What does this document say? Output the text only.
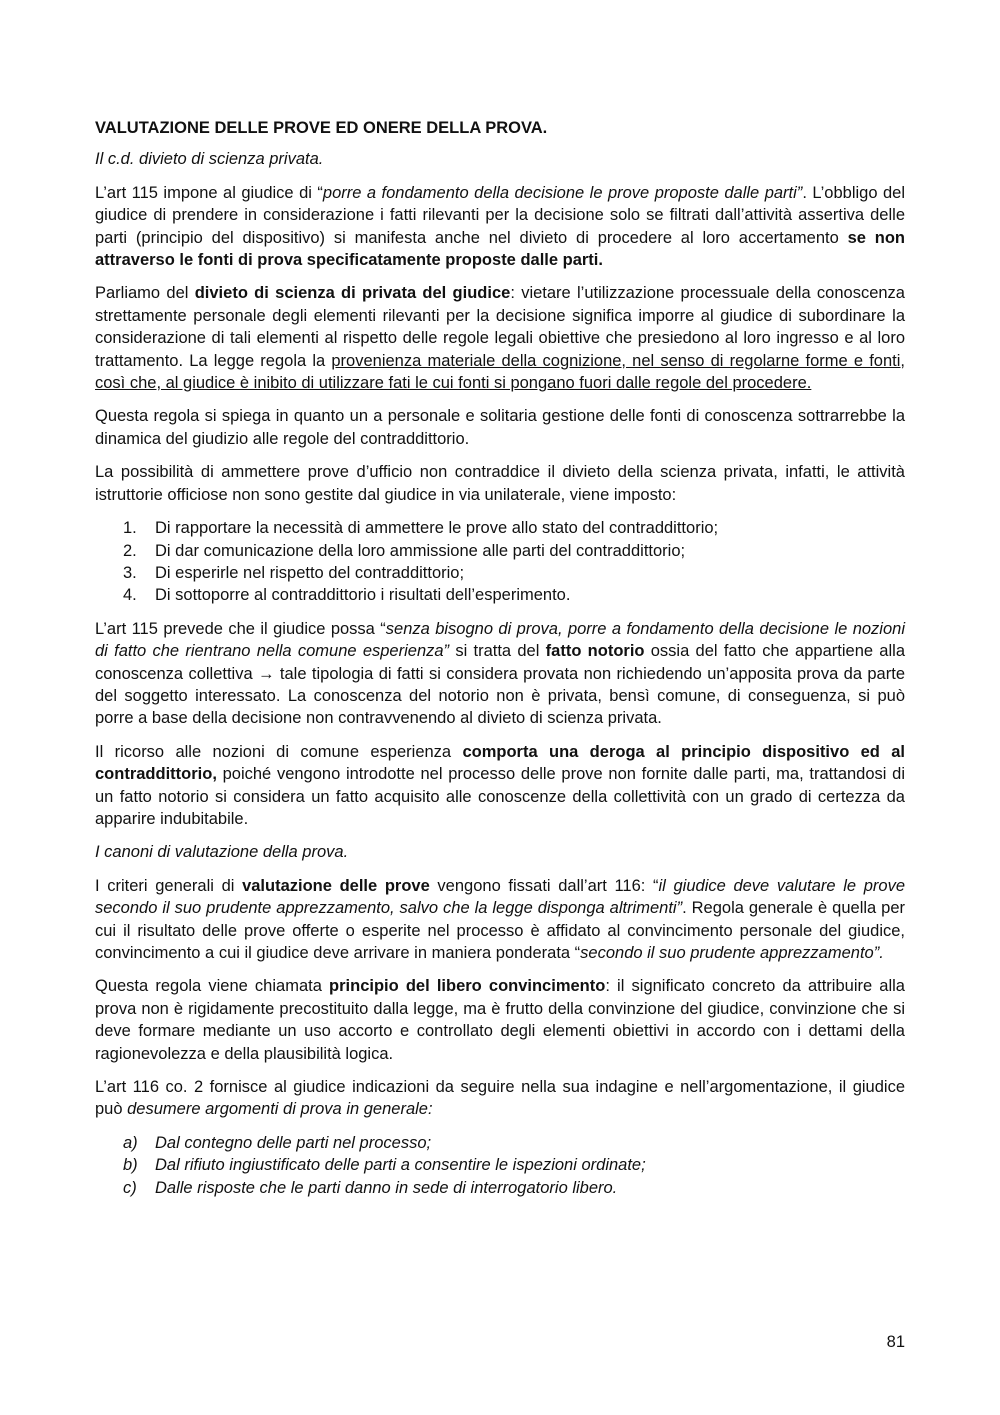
VALUTAZIONE DELLE PROVE ED ONERE DELLA PROVA.

Il c.d. divieto di scienza privata.

L’art 115 impone al giudice di “porre a fondamento della decisione le prove proposte dalle parti”. L’obbligo del giudice di prendere in considerazione i fatti rilevanti per la decisione solo se filtrati dall’attività assertiva delle parti (principio del dispositivo) si manifesta anche nel divieto di procedere al loro accertamento se non attraverso le fonti di prova specificatamente proposte dalle parti.

Parliamo del divieto di scienza di privata del giudice: vietare l’utilizzazione processuale della conoscenza strettamente personale degli elementi rilevanti per la decisione significa imporre al giudice di subordinare la considerazione di tali elementi al rispetto delle regole legali obiettive che presiedono al loro ingresso e al loro trattamento. La legge regola la provenienza materiale della cognizione, nel senso di regolarne forme e fonti, così che, al giudice è inibito di utilizzare fati le cui fonti si pongano fuori dalle regole del procedere.

Questa regola si spiega in quanto un a personale e solitaria gestione delle fonti di conoscenza sottrarrebbe la dinamica del giudizio alle regole del contraddittorio.

La possibilità di ammettere prove d’ufficio non contraddice il divieto della scienza privata, infatti, le attività istruttorie officiose non sono gestite dal giudice in via unilaterale, viene imposto:

1.	Di rapportare la necessità di ammettere le prove allo stato del contraddittorio;
2.	Di dar comunicazione della loro ammissione alle parti del contraddittorio;
3.	Di esperirle nel rispetto del contraddittorio;
4.	Di sottoporre al contraddittorio i risultati dell’esperimento.

L’art 115 prevede che il giudice possa “senza bisogno di prova, porre a fondamento della decisione le nozioni di fatto che rientrano nella comune esperienza” si tratta del fatto notorio ossia del fatto che appartiene alla conoscenza collettiva → tale tipologia di fatti si considera provata non richiedendo un’apposita prova da parte del soggetto interessato. La conoscenza del notorio non è privata, bensì comune, di conseguenza, si può porre a base della decisione non contravvenendo al divieto di scienza privata.

Il ricorso alle nozioni di comune esperienza comporta una deroga al principio dispositivo ed al contraddittorio, poiché vengono introdotte nel processo delle prove non fornite dalle parti, ma, trattandosi di un fatto notorio si considera un fatto acquisito alle conoscenze della collettività con un grado di certezza da apparire indubitabile.

I canoni di valutazione della prova.

I criteri generali di valutazione delle prove vengono fissati dall’art 116: “il giudice deve valutare le prove secondo il suo prudente apprezzamento, salvo che la legge disponga altrimenti”. Regola generale è quella per cui il risultato delle prove offerte o esperite nel processo è affidato al convincimento personale del giudice, convincimento a cui il giudice deve arrivare in maniera ponderata “secondo il suo prudente apprezzamento”.

Questa regola viene chiamata principio del libero convincimento: il significato concreto da attribuire alla prova non è rigidamente precostituito dalla legge, ma è frutto della convinzione del giudice, convinzione che si deve formare mediante un uso accorto e controllato degli elementi obiettivi in accordo con i dettami della ragionevolezza e della plausibilità logica.

L’art 116 co. 2 fornisce al giudice indicazioni da seguire nella sua indagine e nell’argomentazione, il giudice può desumere argomenti di prova in generale:

a)	Dal contegno delle parti nel processo;
b)	Dal rifiuto ingiustificato delle parti a consentire le ispezioni ordinate;
c)	Dalle risposte che le parti danno in sede di interrogatorio libero.
81
